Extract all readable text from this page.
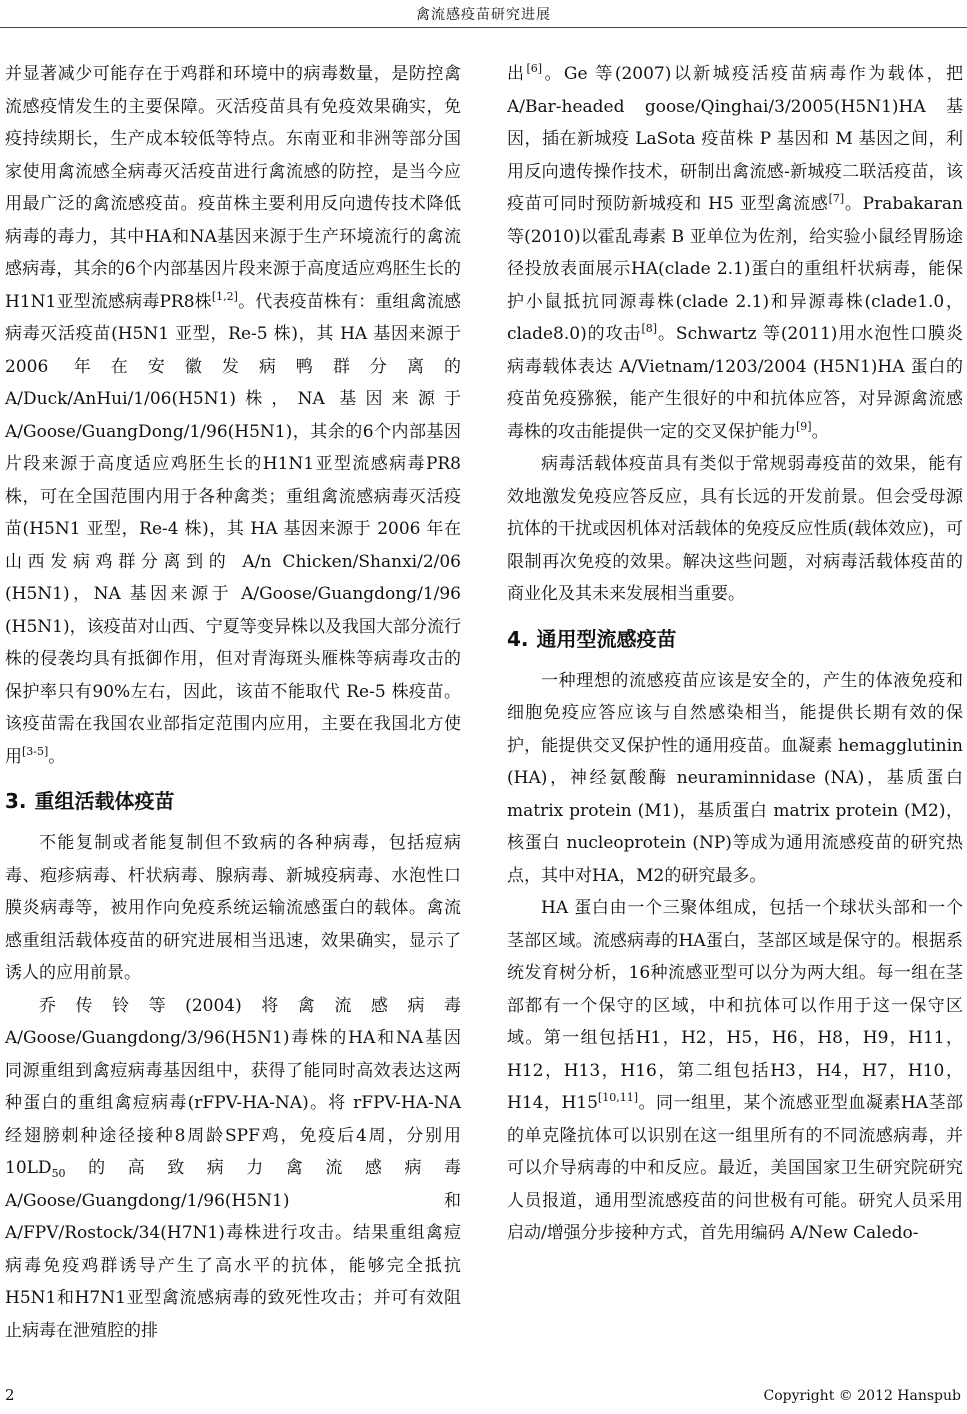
禽流感疫苗研究进展

并显著减少可能存在于鸡群和环境中的病毒数量，是防控禽流感疫情发生的主要保障。灭活疫苗具有免疫效果确实，免疫持续期长，生产成本较低等特点。东南亚和非洲等部分国家使用禽流感全病毒灭活疫苗进行禽流感的防控，是当今应用最广泛的禽流感疫苗。疫苗株主要利用反向遗传技术降低病毒的毒力，其中HA和NA基因来源于生产环境流行的禽流感病毒，其余的6个内部基因片段来源于高度适应鸡胚生长的H1N1亚型流感病毒PR8株[1,2]。代表疫苗株有：重组禽流感病毒灭活疫苗(H5N1 亚型，Re-5 株)，其 HA 基因来源于 2006 年在安徽发病鸭群分离的 A/Duck/AnHui/1/06(H5N1)株，NA 基因来源于 A/Goose/GuangDong/1/96(H5N1)，其余的6个内部基因片段来源于高度适应鸡胚生长的H1N1亚型流感病毒PR8株，可在全国范围内用于各种禽类；重组禽流感病毒灭活疫苗(H5N1 亚型，Re-4 株)，其 HA 基因来源于 2006 年在山西发病鸡群分离到的 A/n Chicken/Shanxi/2/06 (H5N1)，NA 基因来源于 A/Goose/Guangdong/1/96 (H5N1)，该疫苗对山西、宁夏等变异株以及我国大部分流行株的侵袭均具有抵御作用，但对青海斑头雁株等病毒攻击的保护率只有90%左右，因此，该苗不能取代 Re-5 株疫苗。该疫苗需在我国农业部指定范围内应用，主要在我国北方使用[3-5]。

3. 重组活载体疫苗

不能复制或者能复制但不致病的各种病毒，包括痘病毒、疱疹病毒、杆状病毒、腺病毒、新城疫病毒、水泡性口膜炎病毒等，被用作向免疫系统运输流感蛋白的载体。禽流感重组活载体疫苗的研究进展相当迅速，效果确实，显示了诱人的应用前景。

乔传铃等(2004)将禽流感病毒 A/Goose/Guangdong/3/96(H5N1)毒株的HA和NA基因同源重组到禽痘病毒基因组中，获得了能同时高效表达这两种蛋白的重组禽痘病毒(rFPV-HA-NA)。将 rFPV-HA-NA 经翅膀刺种途径接种8周龄SPF鸡，免疫后4周，分别用 $10LD_{50}$的高致病力禽流感病毒 A/Goose/Guangdong/1/96(H5N1)和 A/FPV/Rostock/34(H7N1)毒株进行攻击。结果重组禽痘病毒免疫鸡群诱导产生了高水平的抗体，能够完全抵抗H5N1和H7N1亚型禽流感病毒的致死性攻击；并可有效阻止病毒在泄殖腔的排

出[6]。Ge 等(2007)以新城疫活疫苗病毒作为载体，把 A/Bar-headed goose/Qinghai/3/2005(H5N1)HA 基因，插在新城疫 LaSota 疫苗株 P 基因和 M 基因之间，利用反向遗传操作技术，研制出禽流感-新城疫二联活疫苗，该疫苗可同时预防新城疫和 H5 亚型禽流感[7]。Prabakaran 等(2010)以霍乱毒素 B 亚单位为佐剂，给实验小鼠经胃肠途径投放表面展示HA(clade 2.1)蛋白的重组杆状病毒，能保护小鼠抵抗同源毒株(clade 2.1)和异源毒株(clade1.0，clade8.0)的攻击[8]。Schwartz 等(2011)用水泡性口膜炎病毒载体表达 A/Vietnam/1203/2004 (H5N1)HA 蛋白的疫苗免疫猕猴，能产生很好的中和抗体应答，对异源禽流感毒株的攻击能提供一定的交叉保护能力[9]。

病毒活载体疫苗具有类似于常规弱毒疫苗的效果，能有效地激发免疫应答反应，具有长远的开发前景。但会受母源抗体的干扰或因机体对活载体的免疫反应性质(载体效应)，可限制再次免疫的效果。解决这些问题，对病毒活载体疫苗的商业化及其未来发展相当重要。

4. 通用型流感疫苗

一种理想的流感疫苗应该是安全的，产生的体液免疫和细胞免疫应答应该与自然感染相当，能提供长期有效的保护，能提供交叉保护性的通用疫苗。血凝素 hemagglutinin (HA)，神经氨酸酶 neuraminnidase (NA)，基质蛋白 matrix protein (M1)，基质蛋白 matrix protein (M2)，核蛋白 nucleoprotein (NP)等成为通用流感疫苗的研究热点，其中对HA，M2的研究最多。

HA 蛋白由一个三聚体组成，包括一个球状头部和一个茎部区域。流感病毒的HA蛋白，茎部区域是保守的。根据系统发育树分析，16种流感亚型可以分为两大组。每一组在茎部都有一个保守的区域，中和抗体可以作用于这一保守区域。第一组包括H1，H2，H5，H6，H8，H9，H11，H12，H13，H16，第二组包括H3，H4，H7，H10，H14，H15[10,11]。同一组里，某个流感亚型血凝素HA茎部的单克隆抗体可以识别在这一组里所有的不同流感病毒，并可以介导病毒的中和反应。最近，美国国家卫生研究院研究人员报道，通用型流感疫苗的问世极有可能。研究人员采用启动/增强分步接种方式，首先用编码 A/New Caledo-

2	Copyright © 2012 Hanspub
